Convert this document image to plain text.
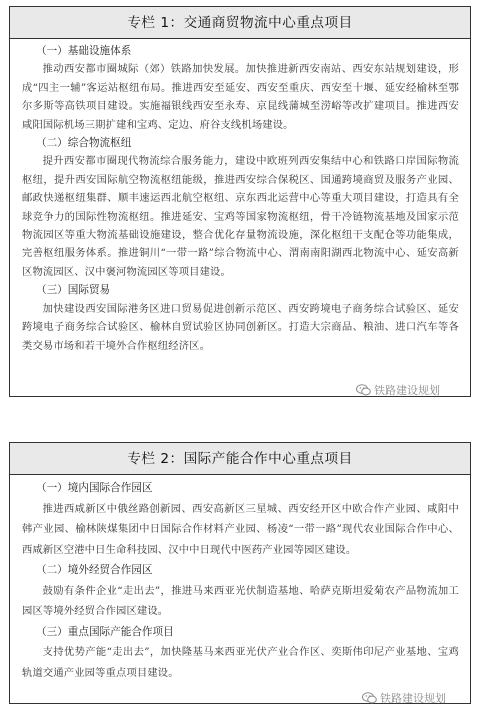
专栏 1：交通商贸物流中心重点项目
（一）基础设施体系

推动西安都市圈城际（郊）铁路加快发展。加快推进新西安南站、西安东站规划建设，形成“四主一辅”客运站枢纽布局。推进西安至延安、西安至重庆、西安至十堰、延安经榆林至鄂尔多斯等高铁项目建设。实施福银线西安至永寿、京昆线蒲城至涝峪等改扩建项目。推进西安咸阳国际机场三期扩建和宝鸡、定边、府谷支线机场建设。

（二）综合物流枢纽

提升西安都市圈现代物流综合服务能力，建设中欧班列西安集结中心和铁路口岸国际物流枢纽，提升西安国际航空物流枢纽能级，推进西安综合保税区、国通跨境商贸及服务产业园、邮政快递枢纽集群、顺丰速运西北航空枢纽、京东西北运营中心等重大项目建设，打造具有全球竞争力的国际性物流枢纽。推进延安、宝鸡等国家物流枢纽，骨干冷链物流基地及国家示范物流园区等重大物流基础设施建设，整合优化存量物流设施，深化枢纽干支配仓等功能集成，完善枢纽服务体系。推进铜川“一带一路”综合物流中心、渭南南阳湖西北物流中心、延安高新区物流园区、汉中褒河物流园区等项目建设。

（三）国际贸易

加快建设西安国际港务区进口贸易促进创新示范区、西安跨境电子商务综合试验区、延安跨境电子商务综合试验区、榆林自贸试验区协同创新区。打造大宗商品、粮油、进口汽车等各类交易市场和若干境外合作枢纽经济区。

铁路建设规划
专栏 2：国际产能合作中心重点项目
（一）境内国际合作园区

推进西咸新区中俄丝路创新园、西安高新区三星城、西安经开区中欧合作产业园、咸阳中韩产业园、榆林陕煤集团中日国际合作材料产业园、杨凌“一带一路”现代农业国际合作中心、西咸新区空港中日生命科技园、汉中中日现代中医药产业园等园区建设。

（二）境外经贸合作园区

鼓励有条件企业“走出去”，推进马来西亚光伏制造基地、哈萨克斯坦爱菊农产品物流加工园区等境外经贸合作园区建设。

（三）重点国际产能合作项目

支持优势产能“走出去”，加快隆基马来西亚光伏产业合作区、奕斯伟印尼产业基地、宝鸡轨道交通产业园等重点项目建设。

铁路建设规划
